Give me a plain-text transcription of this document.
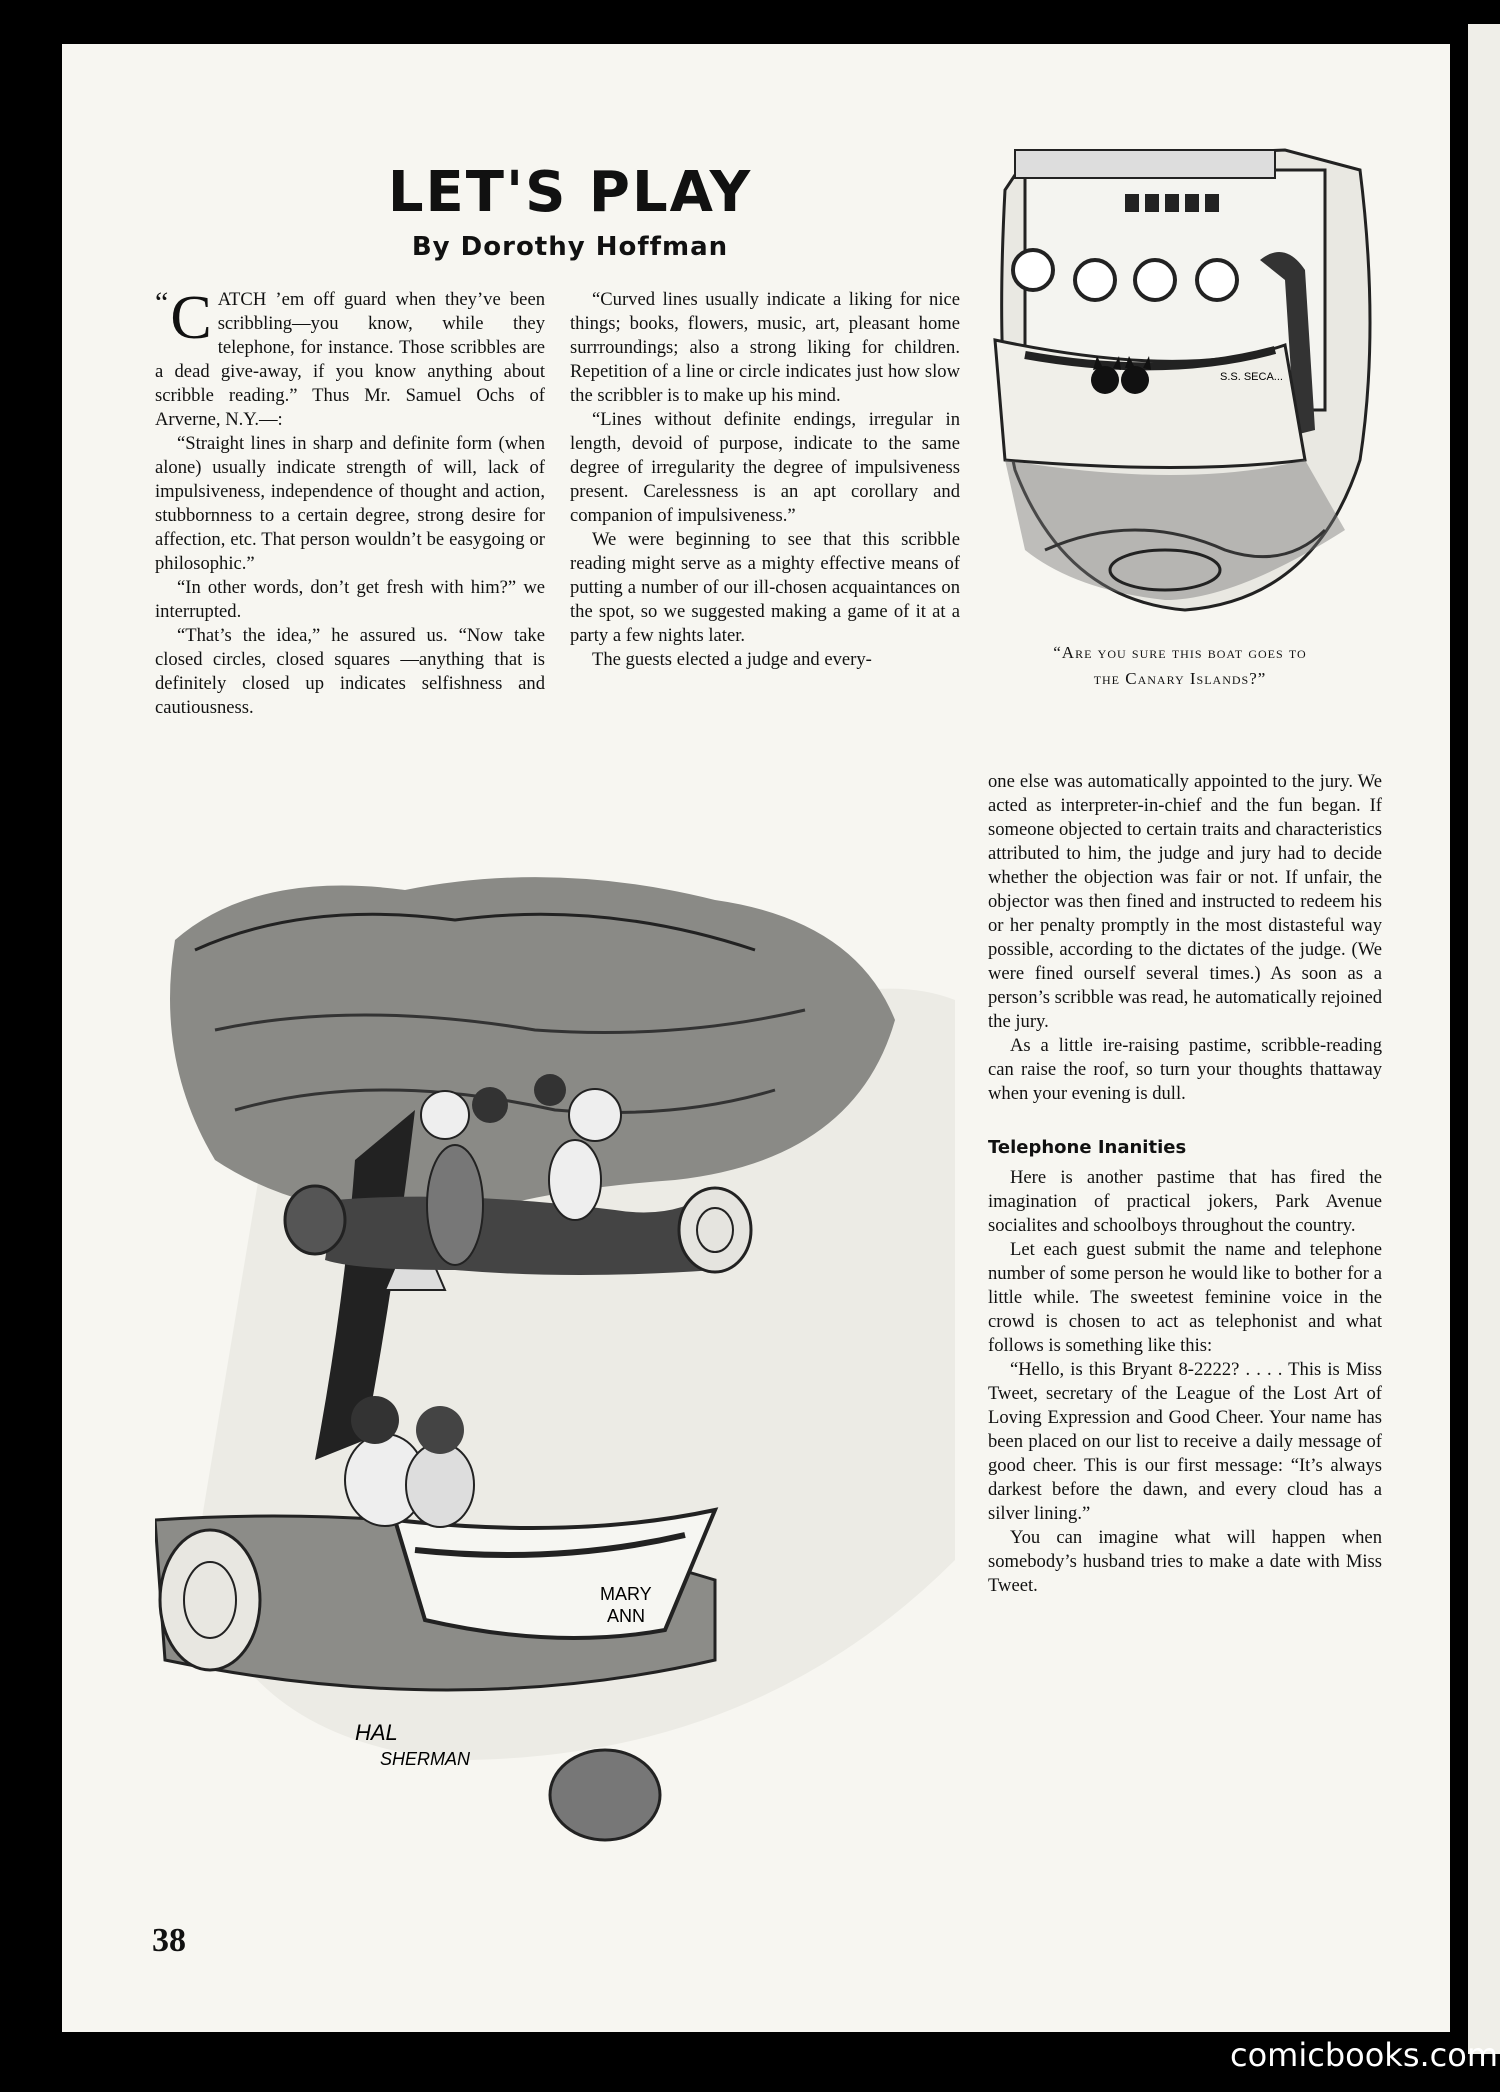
LET'S PLAY
By Dorothy Hoffman

“ C ATCH ’em off guard when they’ve been scribbling—you know, while they telephone, for instance. Those scribbles are a dead give-away, if you know anything about scribble reading.” Thus Mr. Samuel Ochs of Arverne, N.Y.—:

“Straight lines in sharp and definite form (when alone) usually indicate strength of will, lack of impulsiveness, independence of thought and action, stubbornness to a certain degree, strong desire for affection, etc. That person wouldn’t be easygoing or philosophic.”

“In other words, don’t get fresh with him?” we interrupted.

“That’s the idea,” he assured us. “Now take closed circles, closed squares —anything that is definitely closed up indicates selfishness and cautiousness.

“Curved lines usually indicate a liking for nice things; books, flowers, music, art, pleasant home surrroundings; also a strong liking for children. Repetition of a line or circle indicates just how slow the scribbler is to make up his mind.

“Lines without definite endings, irregular in length, devoid of purpose, indicate to the same degree of irregularity the degree of impulsiveness present. Carelessness is an apt corollary and companion of impulsiveness.”

We were beginning to see that this scribble reading might serve as a mighty effective means of putting a number of our ill-chosen acquaintances on the spot, so we suggested making a game of it at a party a few nights later.

The guests elected a judge and every-

S.S. SECA...
“Are you sure this boat goes to
the Canary Islands?”

one else was automatically appointed to the jury. We acted as interpreter-in-chief and the fun began. If someone objected to certain traits and characteristics attributed to him, the judge and jury had to decide whether the objection was fair or not. If unfair, the objector was then fined and instructed to redeem his or her penalty promptly in the most distasteful way possible, according to the dictates of the judge. (We were fined ourself several times.) As soon as a person’s scribble was read, he automatically rejoined the jury.

As a little ire-raising pastime, scribble-reading can raise the roof, so turn your thoughts thattaway when your evening is dull.

Telephone Inanities

Here is another pastime that has fired the imagination of practical jokers, Park Avenue socialites and schoolboys throughout the country.

Let each guest submit the name and telephone number of some person he would like to bother for a little while. The sweetest feminine voice in the crowd is chosen to act as telephonist and what follows is something like this:

“Hello, is this Bryant 8-2222? . . . . This is Miss Tweet, secretary of the League of the Lost Art of Loving Expression and Good Cheer. Your name has been placed on our list to receive a daily message of good cheer. This is our first message: “It’s always darkest before the dawn, and every cloud has a silver lining.”

You can imagine what will happen when somebody’s husband tries to make a date with Miss Tweet.

MARY
ANN
HAL
SHERMAN
38
comicbooks.com
